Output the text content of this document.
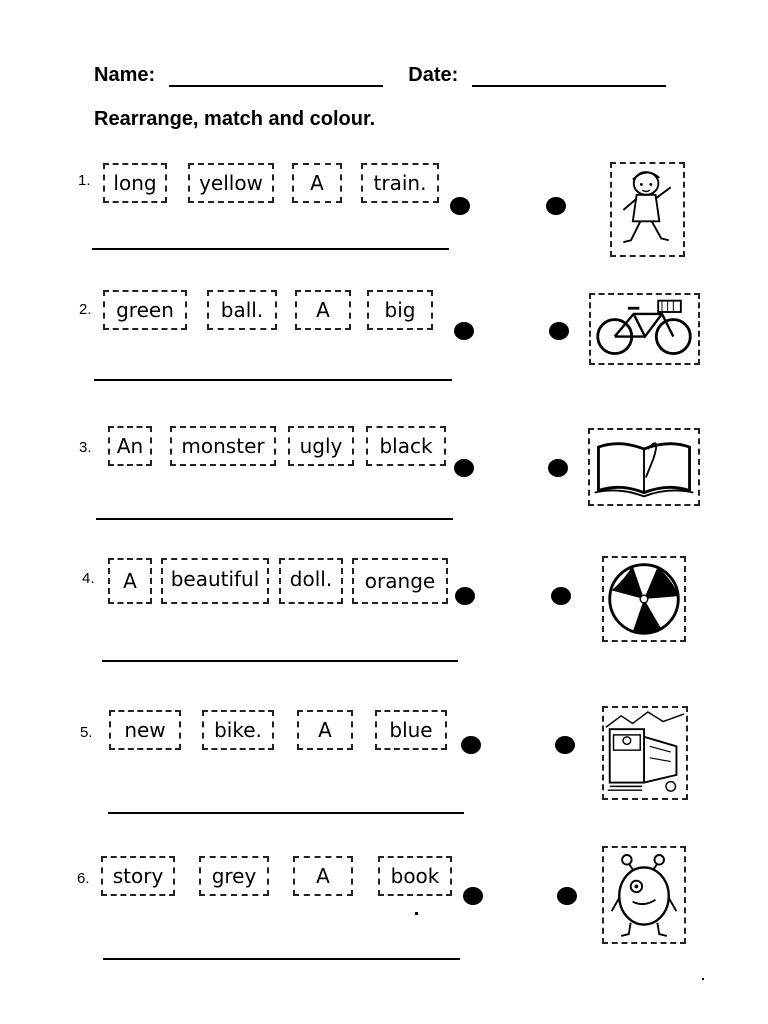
Name:	Date:
Rearrange, match and colour.
1.	long	yellow	A	train.
2.	green	ball.	A	big
3.	An	monster	ugly	black
4.	A	beautiful	doll.	orange
5.	new	bike.	A	blue
6.	story	grey	A	book
